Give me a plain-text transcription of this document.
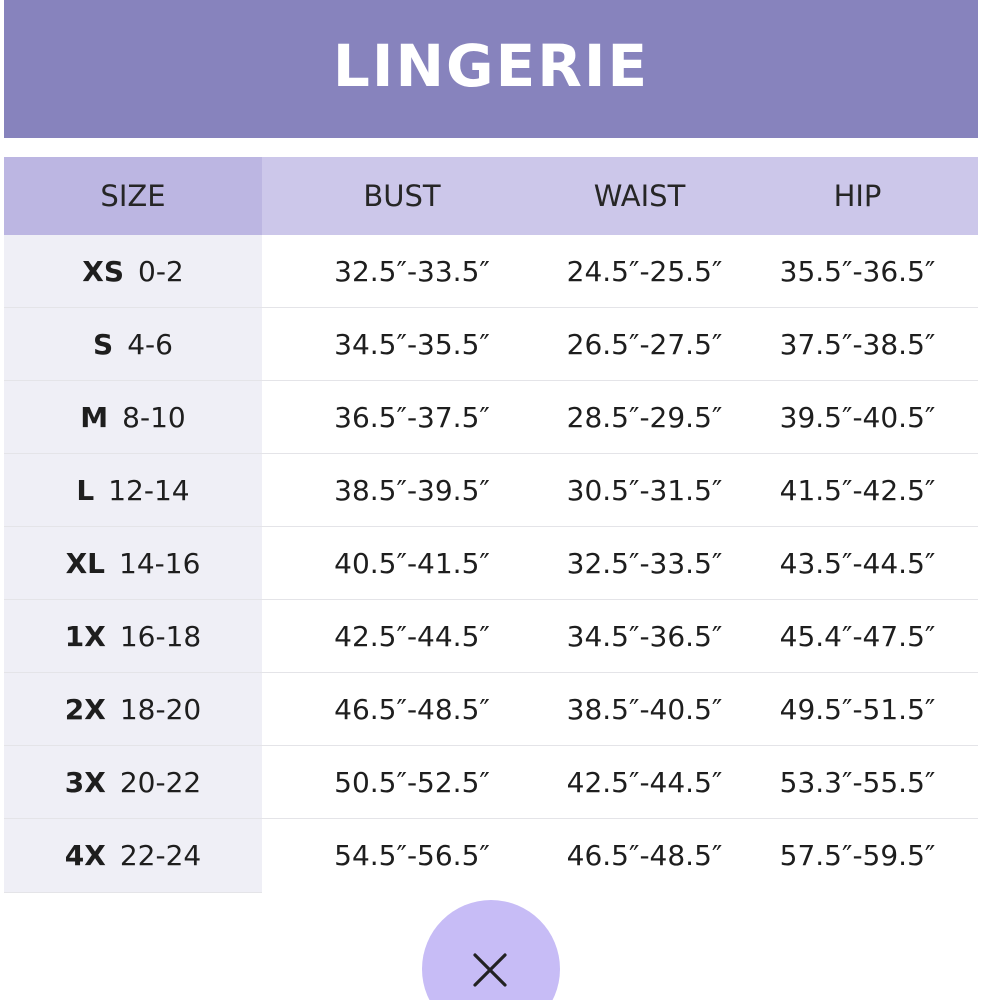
LINGERIE
SIZE	BUST	WAIST	HIP
XS 0-2	32.5″-33.5″	24.5″-25.5″	35.5″-36.5″
S 4-6	34.5″-35.5″	26.5″-27.5″	37.5″-38.5″
M 8-10	36.5″-37.5″	28.5″-29.5″	39.5″-40.5″
L 12-14	38.5″-39.5″	30.5″-31.5″	41.5″-42.5″
XL 14-16	40.5″-41.5″	32.5″-33.5″	43.5″-44.5″
1X 16-18	42.5″-44.5″	34.5″-36.5″	45.4″-47.5″
2X 18-20	46.5″-48.5″	38.5″-40.5″	49.5″-51.5″
3X 20-22	50.5″-52.5″	42.5″-44.5″	53.3″-55.5″
4X 22-24	54.5″-56.5″	46.5″-48.5″	57.5″-59.5″
